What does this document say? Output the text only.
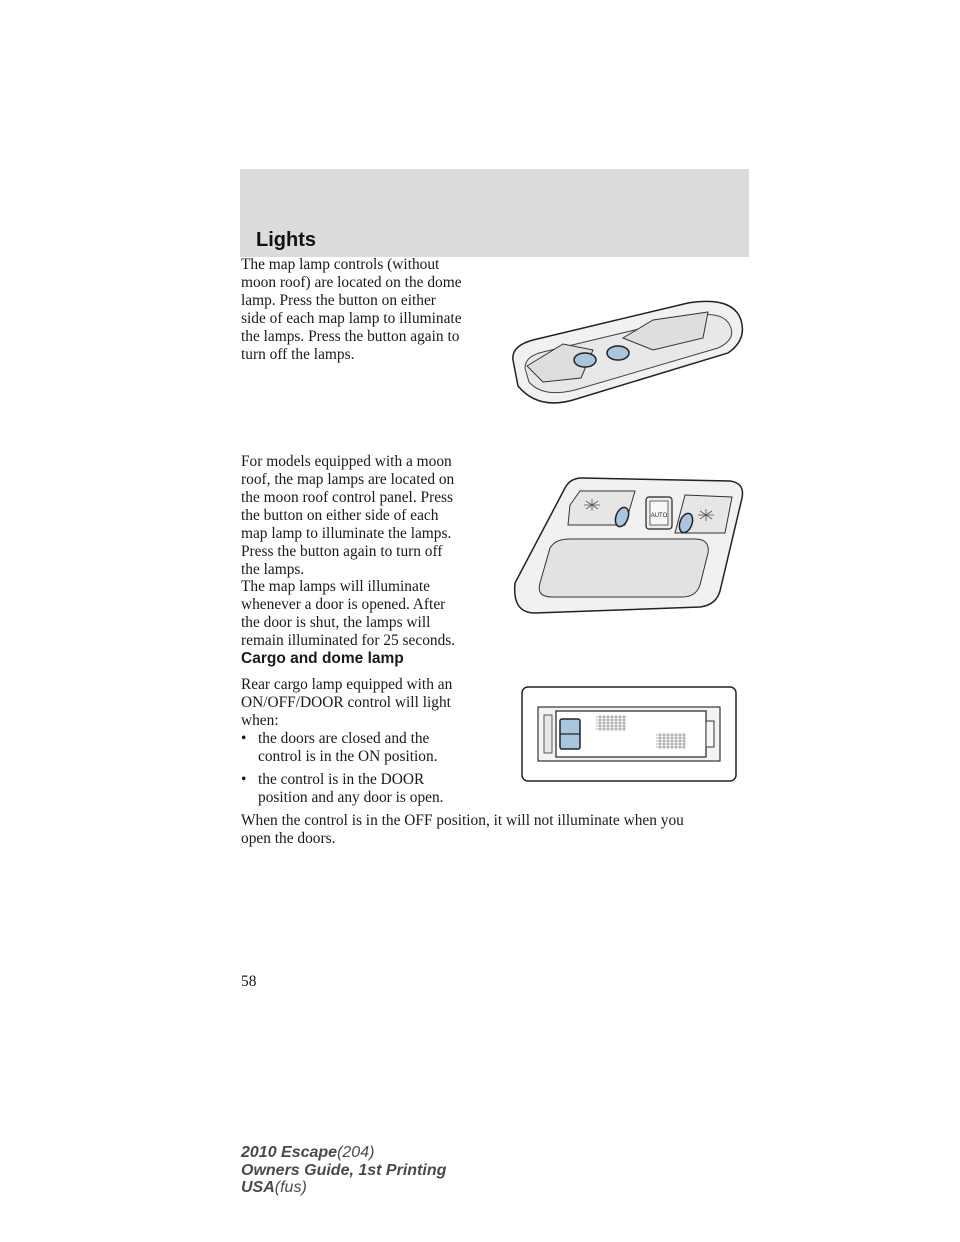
Lights

The map lamp controls (without
moon roof) are located on the dome
lamp. Press the button on either
side of each map lamp to illuminate
the lamps. Press the button again to
turn off the lamps.

For models equipped with a moon
roof, the map lamps are located on
the moon roof control panel. Press
the button on either side of each
map lamp to illuminate the lamps.
Press the button again to turn off
the lamps.

AUTO

The map lamps will illuminate
whenever a door is opened. After
the door is shut, the lamps will
remain illuminated for 25 seconds.

Cargo and dome lamp

Rear cargo lamp equipped with an
ON/OFF/DOOR control will light
when:

• the doors are closed and the
control is in the ON position.
• the control is in the DOOR
position and any door is open.

When the control is in the OFF position, it will not illuminate when you
open the doors.

58
2010 Escape(204)
Owners Guide, 1st Printing
USA(fus)
